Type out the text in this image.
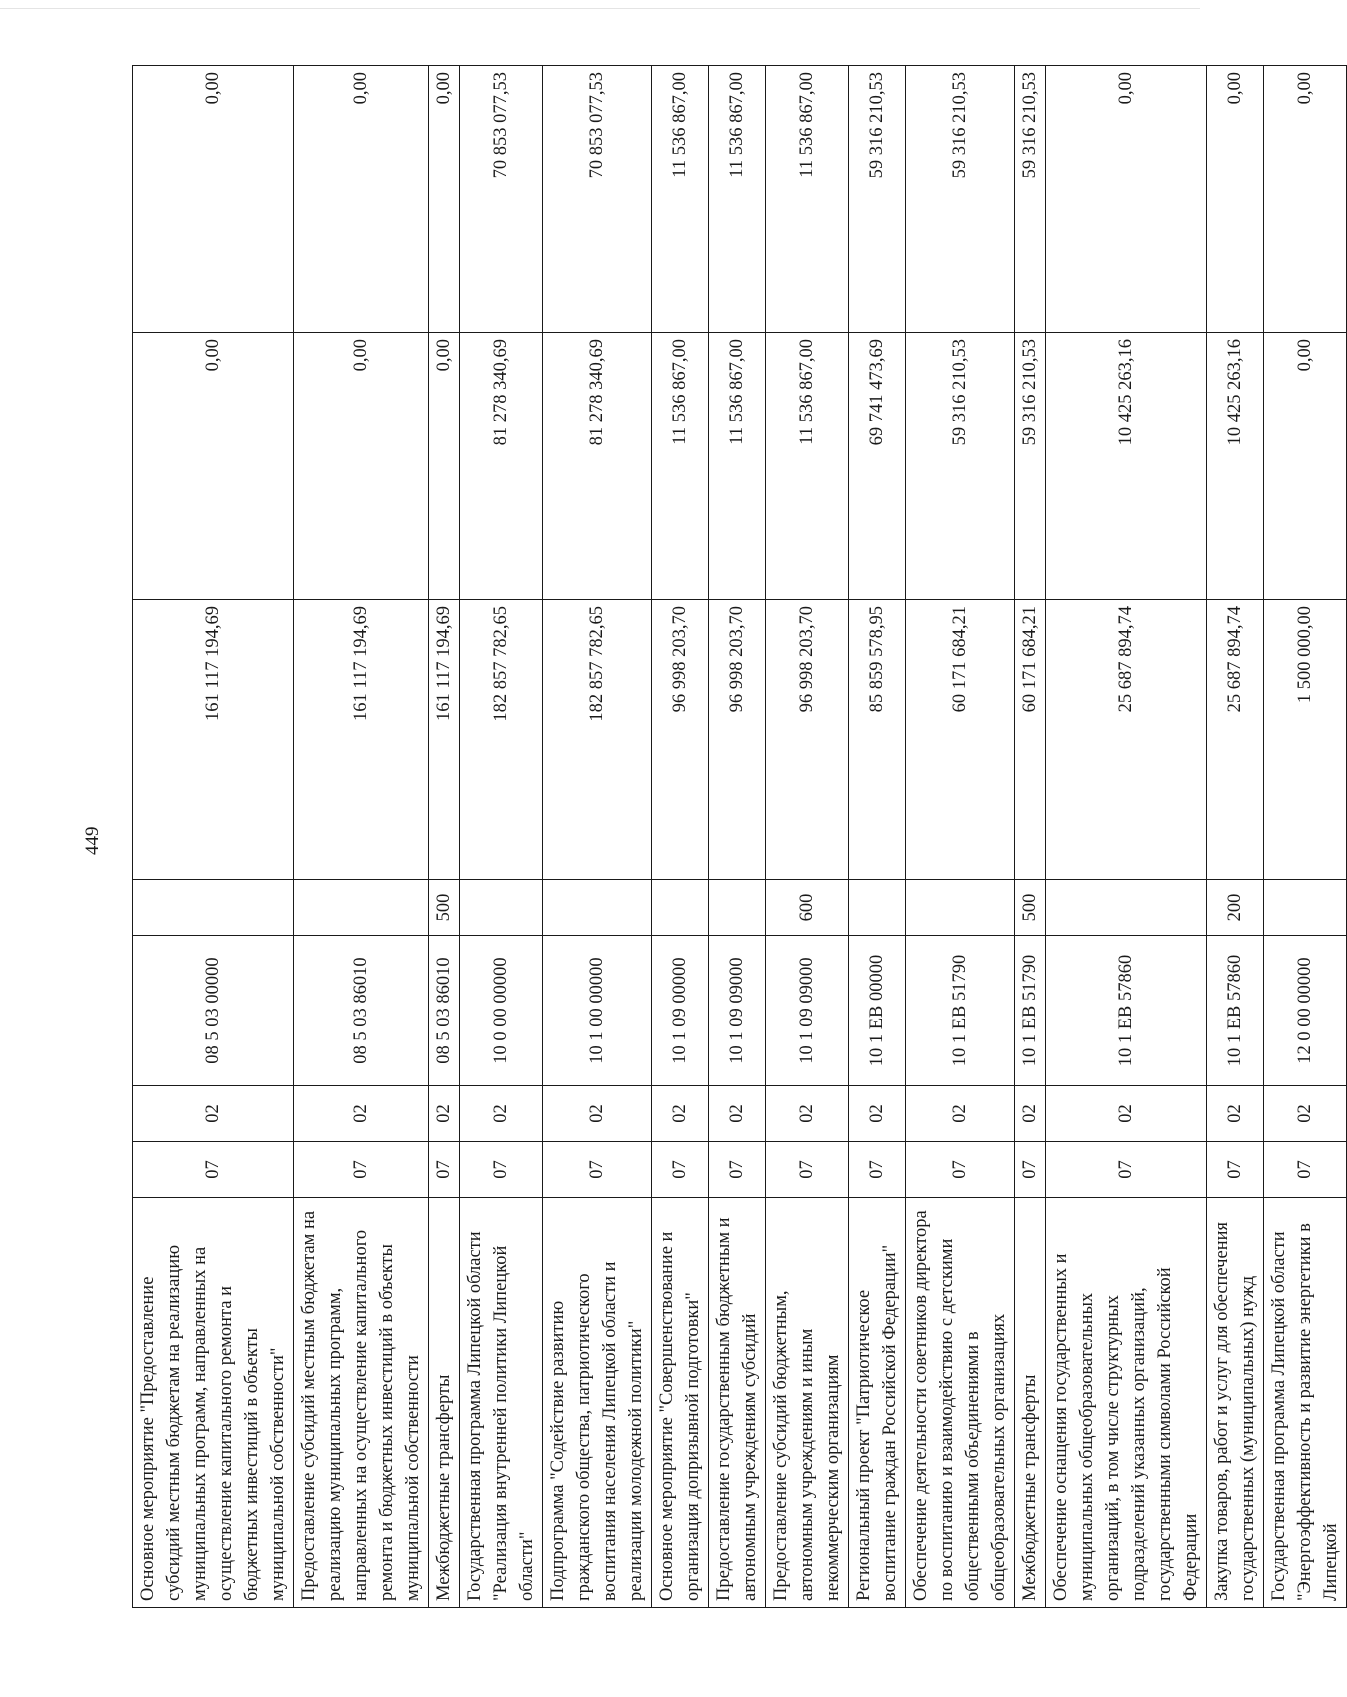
449
Основное мероприятие "Предоставление субсидий местным бюджетам на реализацию муниципальных программ, направленных на осуществление капитального ремонта и бюджетных инвестиций в объекты муниципальной собственности"	07	02	08 5 03 00000		161 117 194,69	0,00	0,00
Предоставление субсидий местным бюджетам на реализацию муниципальных программ, направленных на осуществление капитального ремонта и бюджетных инвестиций в объекты муниципальной собственности	07	02	08 5 03 86010		161 117 194,69	0,00	0,00
Межбюджетные трансферты	07	02	08 5 03 86010	500	161 117 194,69	0,00	0,00
Государственная программа Липецкой области "Реализация внутренней политики Липецкой области"	07	02	10 0 00 00000		182 857 782,65	81 278 340,69	70 853 077,53
Подпрограмма "Содействие развитию гражданского общества, патриотического воспитания населения Липецкой области и реализации молодежной политики"	07	02	10 1 00 00000		182 857 782,65	81 278 340,69	70 853 077,53
Основное мероприятие "Совершенствование и организация допризывной подготовки"	07	02	10 1 09 00000		96 998 203,70	11 536 867,00	11 536 867,00
Предоставление государственным бюджетным и автономным учреждениям субсидий	07	02	10 1 09 09000		96 998 203,70	11 536 867,00	11 536 867,00
Предоставление субсидий бюджетным, автономным учреждениям и иным некоммерческим организациям	07	02	10 1 09 09000	600	96 998 203,70	11 536 867,00	11 536 867,00
Региональный проект "Патриотическое воспитание граждан Российской Федерации"	07	02	10 1 EB 00000		85 859 578,95	69 741 473,69	59 316 210,53
Обеспечение деятельности советников директора по воспитанию и взаимодействию с детскими общественными объединениями в общеобразовательных организациях	07	02	10 1 EB 51790		60 171 684,21	59 316 210,53	59 316 210,53
Межбюджетные трансферты	07	02	10 1 EB 51790	500	60 171 684,21	59 316 210,53	59 316 210,53
Обеспечение оснащения государственных и муниципальных общеобразовательных организаций, в том числе структурных подразделений указанных организаций, государственными символами Российской Федерации	07	02	10 1 EB 57860		25 687 894,74	10 425 263,16	0,00
Закупка товаров, работ и услуг для обеспечения государственных (муниципальных) нужд	07	02	10 1 EB 57860	200	25 687 894,74	10 425 263,16	0,00
Государственная программа Липецкой области "Энергоэффективность и развитие энергетики в Липецкой	07	02	12 0 00 00000		1 500 000,00	0,00	0,00
